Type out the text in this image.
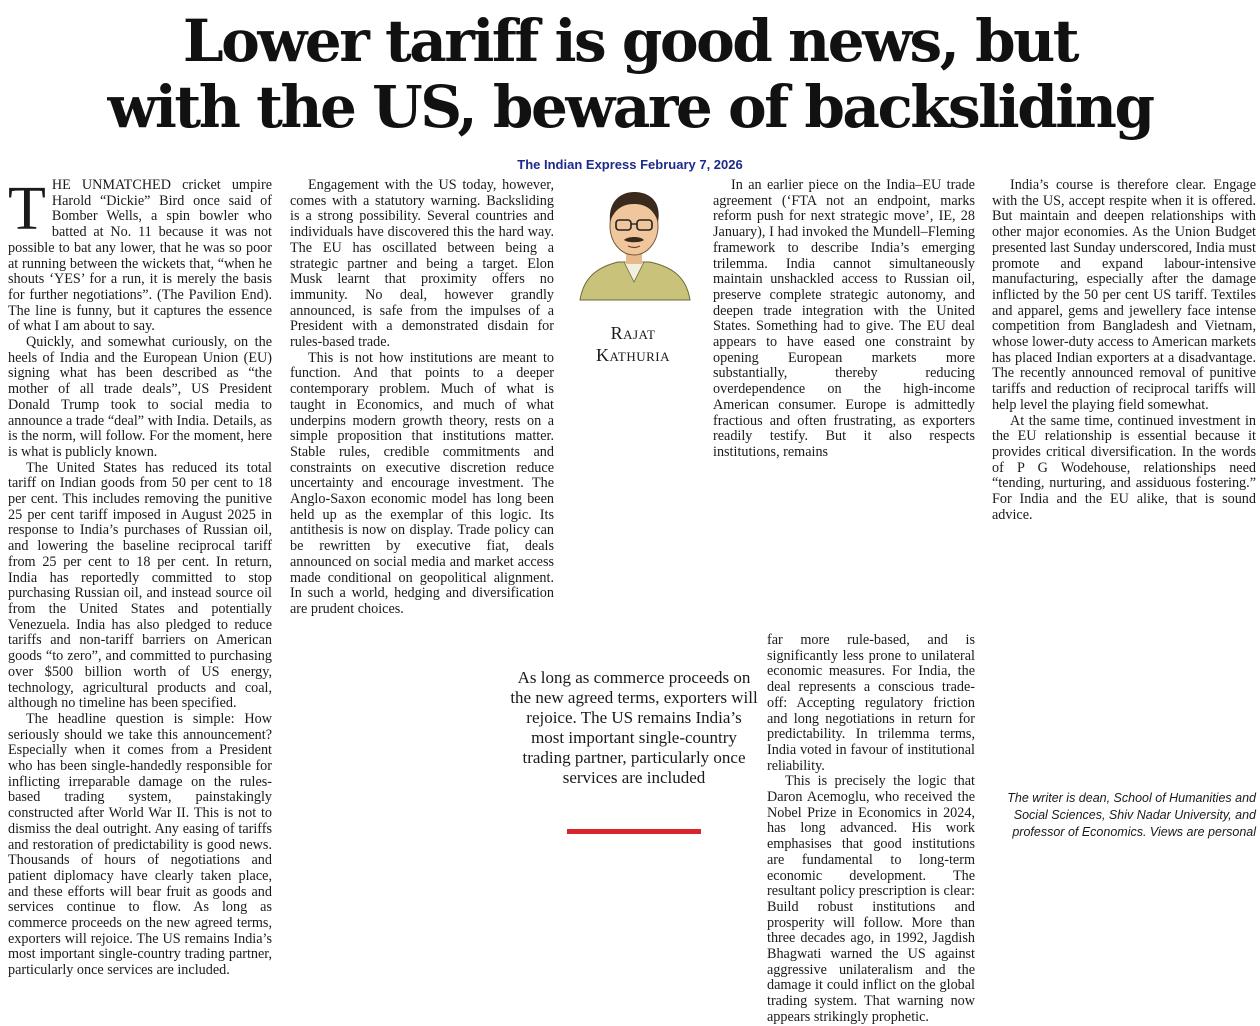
Lower tariff is good news, but
with the US, beware of backsliding
The Indian Express February 7, 2026

THE UNMATCHED cricket umpire Harold “Dickie” Bird once said of Bomber Wells, a spin bowler who batted at No. 11 because it was not possible to bat any lower, that he was so poor at running between the wickets that, “when he shouts ‘YES’ for a run, it is merely the basis for further negotiations”. (The Pavilion End). The line is funny, but it captures the essence of what I am about to say.

Quickly, and somewhat curiously, on the heels of India and the European Union (EU) signing what has been described as “the mother of all trade deals”, US President Donald Trump took to social media to announce a trade “deal” with India. Details, as is the norm, will follow. For the moment, here is what is publicly known.

The United States has reduced its total tariff on Indian goods from 50 per cent to 18 per cent. This includes removing the punitive 25 per cent tariff imposed in August 2025 in response to India’s purchases of Russian oil, and lowering the baseline reciprocal tariff from 25 per cent to 18 per cent. In return, India has reportedly committed to stop purchasing Russian oil, and instead source oil from the United States and potentially Venezuela. India has also pledged to reduce tariffs and non-tariff barriers on American goods “to zero”, and committed to purchasing over $500 billion worth of US energy, technology, agricultural products and coal, although no timeline has been specified.

The headline question is simple: How seriously should we take this announcement? Especially when it comes from a President who has been single-handedly responsible for inflicting irreparable damage on the rules-based trading system, painstakingly constructed after World War II. This is not to dismiss the deal outright. Any easing of tariffs and restoration of predictability is good news. Thousands of hours of negotiations and patient diplomacy have clearly taken place, and these efforts will bear fruit as goods and services continue to flow. As long as commerce proceeds on the new agreed terms, exporters will rejoice. The US remains India’s most important single-country trading partner, particularly once services are included.

Engagement with the US today, however, comes with a statutory warning. Backsliding is a strong possibility. Several countries and individuals have discovered this the hard way. The EU has oscillated between being a strategic partner and being a target. Elon Musk learnt that proximity offers no immunity. No deal, however grandly announced, is safe from the impulses of a President with a demonstrated disdain for rules-based trade.

This is not how institutions are meant to function. And that points to a deeper contemporary problem. Much of what is taught in Economics, and much of what underpins modern growth theory, rests on a simple proposition that institutions matter. Stable rules, credible commitments and constraints on executive discretion reduce uncertainty and encourage investment. The Anglo-Saxon economic model has long been held up as the exemplar of this logic. Its antithesis is now on display. Trade policy can be rewritten by executive fiat, deals announced on social media and market access made conditional on geopolitical alignment. In such a world, hedging and diversification are prudent choices.

Rajat
Kathuria
As long as commerce proceeds on the new agreed terms, exporters will rejoice. The US remains India’s most important single-country trading partner, particularly once services are included

In an earlier piece on the India–EU trade agreement (‘FTA not an endpoint, marks reform push for next strategic move’, IE, 28 January), I had invoked the Mundell–Fleming framework to describe India’s emerging trilemma. India cannot simultaneously maintain unshackled access to Russian oil, preserve complete strategic autonomy, and deepen trade integration with the United States. Something had to give. The EU deal appears to have eased one constraint by opening European markets more substantially, thereby reducing overdependence on the high-income American consumer. Europe is admittedly fractious and often frustrating, as exporters readily testify. But it also respects institutions, remains

far more rule-based, and is significantly less prone to unilateral economic measures. For India, the deal represents a conscious trade-off: Accepting regulatory friction and long negotiations in return for predictability. In trilemma terms, India voted in favour of institutional reliability.

This is precisely the logic that Daron Acemoglu, who received the Nobel Prize in Economics in 2024, has long advanced. His work emphasises that good institutions are fundamental to long-term economic development. The resultant policy prescription is clear: Build robust institutions and prosperity will follow. More than three decades ago, in 1992, Jagdish Bhagwati warned the US against aggressive unilateralism and the damage it could inflict on the global trading system. That warning now appears strikingly prophetic.

India’s course is therefore clear. Engage with the US, accept respite when it is offered. But maintain and deepen relationships with other major economies. As the Union Budget presented last Sunday underscored, India must promote and expand labour-intensive manufacturing, especially after the damage inflicted by the 50 per cent US tariff. Textiles and apparel, gems and jewellery face intense competition from Bangladesh and Vietnam, whose lower-duty access to American markets has placed Indian exporters at a disadvantage. The recently announced removal of punitive tariffs and reduction of reciprocal tariffs will help level the playing field somewhat.

At the same time, continued investment in the EU relationship is essential because it provides critical diversification. In the words of P G Wodehouse, relationships need “tending, nurturing, and assiduous fostering.” For India and the EU alike, that is sound advice.

The writer is dean, School of Humanities and Social Sciences, Shiv Nadar University, and professor of Economics. Views are personal
